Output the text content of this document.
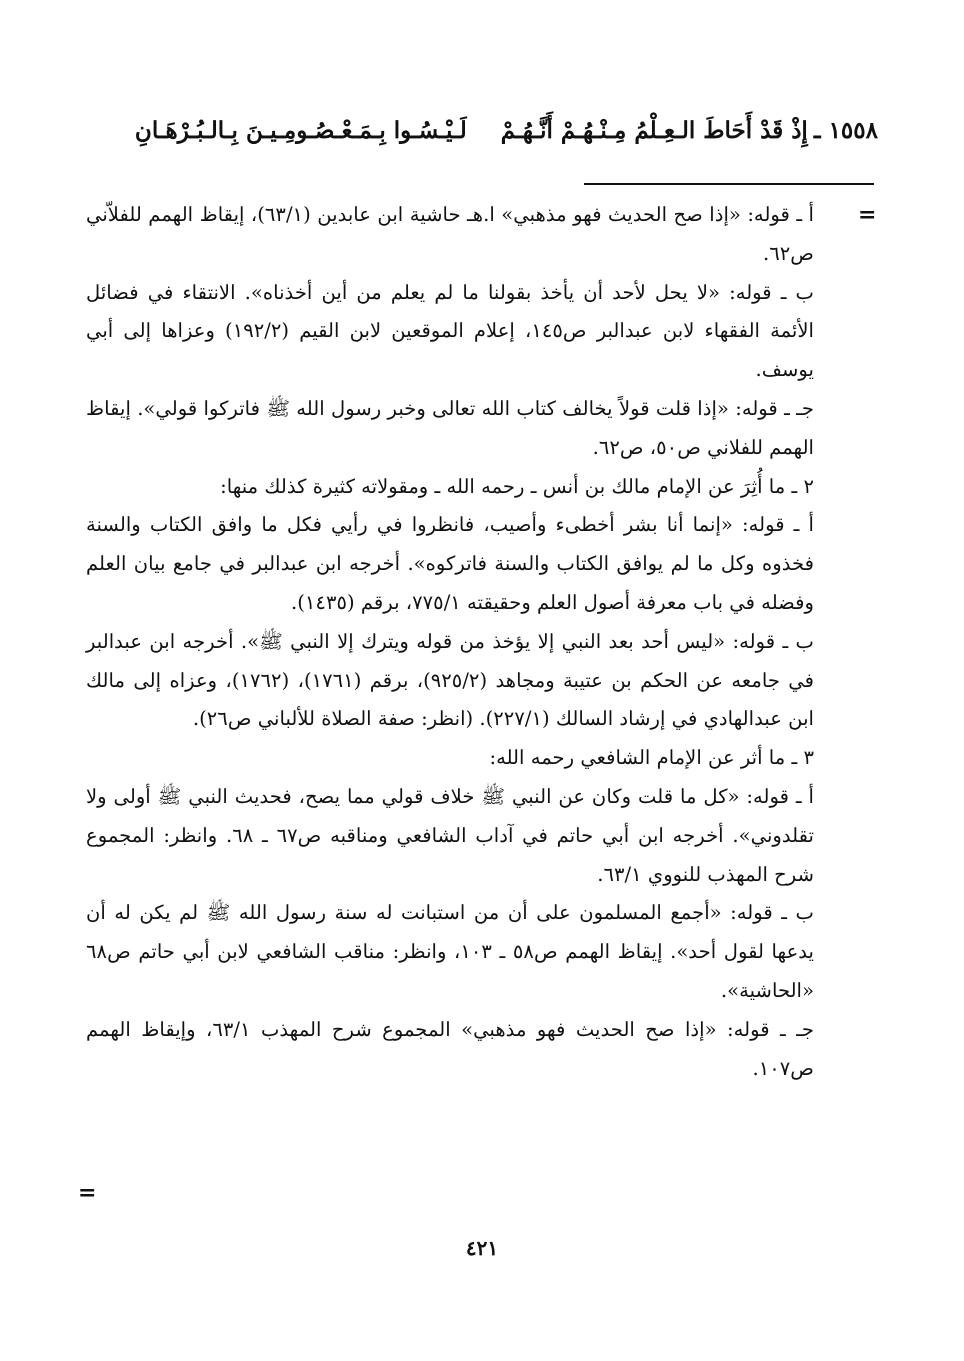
١٥٥٨ ـ
إِذْ قَدْ أَحَاطَ الـعِـلْمُ مِـنْـهُـمْ أَنَّـهُـمْ
لَـيْـسُـوا بِـمَـعْـصُـومِـيـنَ بِـالـبُـرْهَـانِ
=

أ ـ قوله: «إذا صح الحديث فهو مذهبي» ا.هـ حاشية ابن عابدين (٦٣/١)، إيقاظ الهمم للفلاّني ص٦٢.

ب ـ قوله: «لا يحل لأحد أن يأخذ بقولنا ما لم يعلم من أين أخذناه». الانتقاء في فضائل الأئمة الفقهاء لابن عبدالبر ص١٤٥، إعلام الموقعين لابن القيم (١٩٢/٢) وعزاها إلى أبي يوسف.

جـ ـ قوله: «إذا قلت قولاً يخالف كتاب الله تعالى وخبر رسول الله ﷺ فاتركوا قولي». إيقاظ الهمم للفلاني ص٥٠، ص٦٢.

٢ ـ ما أُثِرَ عن الإمام مالك بن أنس ـ رحمه الله ـ ومقولاته كثيرة كذلك منها:

أ ـ قوله: «إنما أنا بشر أخطىء وأصيب، فانظروا في رأيي فكل ما وافق الكتاب والسنة فخذوه وكل ما لم يوافق الكتاب والسنة فاتركوه». أخرجه ابن عبدالبر في جامع بيان العلم وفضله في باب معرفة أصول العلم وحقيقته ٧٧٥/١، برقم (١٤٣٥).

ب ـ قوله: «ليس أحد بعد النبي إلا يؤخذ من قوله ويترك إلا النبي ﷺ». أخرجه ابن عبدالبر في جامعه عن الحكم بن عتيبة ومجاهد (٩٢٥/٢)، برقم (١٧٦١)، (١٧٦٢)، وعزاه إلى مالك ابن عبدالهادي في إرشاد السالك (٢٢٧/١). (انظر: صفة الصلاة للألباني ص٢٦).

٣ ـ ما أثر عن الإمام الشافعي رحمه الله:

أ ـ قوله: «كل ما قلت وكان عن النبي ﷺ خلاف قولي مما يصح، فحديث النبي ﷺ أولى ولا تقلدوني». أخرجه ابن أبي حاتم في آداب الشافعي ومناقبه ص٦٧ ـ ٦٨. وانظر: المجموع شرح المهذب للنووي ٦٣/١.

ب ـ قوله: «أجمع المسلمون على أن من استبانت له سنة رسول الله ﷺ لم يكن له أن يدعها لقول أحد». إيقاظ الهمم ص٥٨ ـ ١٠٣، وانظر: مناقب الشافعي لابن أبي حاتم ص٦٨ «الحاشية».

جـ ـ قوله: «إذا صح الحديث فهو مذهبي» المجموع شرح المهذب ٦٣/١، وإيقاظ الهمم ص١٠٧.

=
٤٢١
